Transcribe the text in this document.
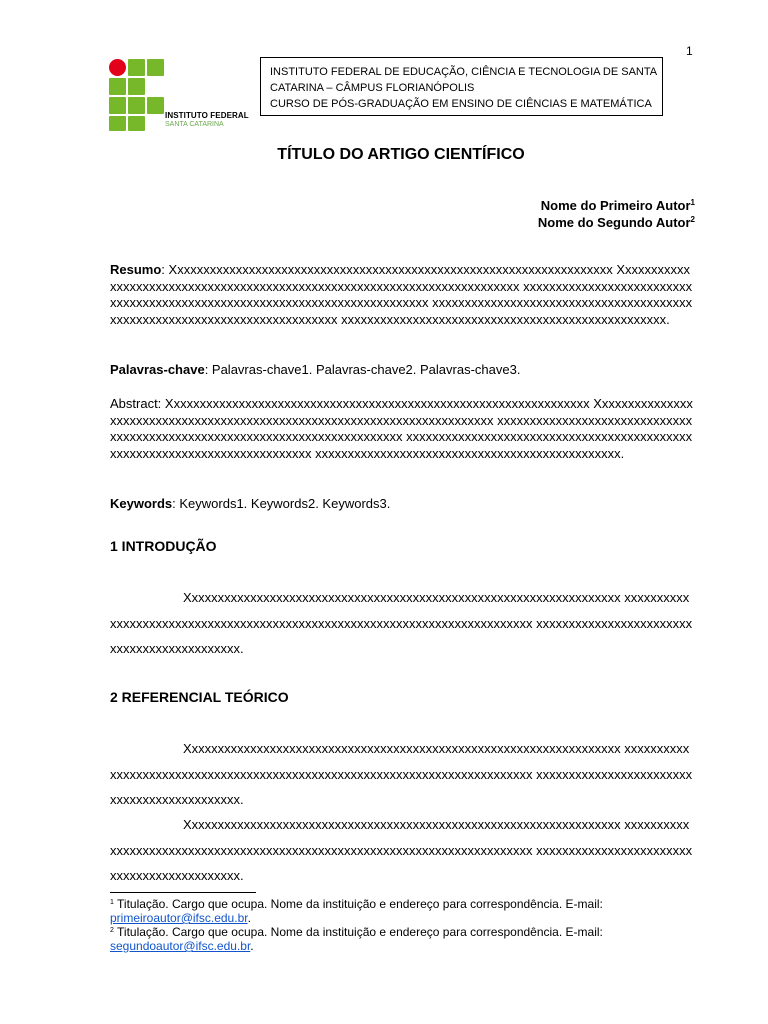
1
INSTITUTO FEDERAL
SANTA CATARINA
INSTITUTO FEDERAL DE EDUCAÇÃO, CIÊNCIA E TECNOLOGIA DE SANTA
CATARINA – CÂMPUS FLORIANÓPOLIS
CURSO DE PÓS-GRADUAÇÃO EM ENSINO DE CIÊNCIAS E MATEMÁTICA
TÍTULO DO ARTIGO CIENTÍFICO
Nome do Primeiro Autor$^1$
Nome do Segundo Autor$^2$
Resumo: Xxxxxxxxxxxxxxxxxxxxxxxxxxxxxxxxxxxxxxxxxxxxxxxxxxxxxxxxxxxxxxxxxxxx Xxxxxxxxxxxxxxxxxxxxxxxxxxxxxxxxxxxxxxxxxxxxxxxxxxxxxxxxxxxxxxxxxxxxxxxxxx xxxxxxxxxxxxxxxxxxxxxxxxxxxxxxxxxxxxxxxxxxxxxxxxxxxxxxxxxxxxxxxxxxxxxxxxxxx xxxxxxxxxxxxxxxxxxxxxxxxxxxxxxxxxxxxxxxxxxxxxxxxxxxxxxxxxxxxxxxxxxxxxxxxxxx xxxxxxxxxxxxxxxxxxxxxxxxxxxxxxxxxxxxxxxxxxxxxxxxxx.
Palavras-chave: Palavras-chave1. Palavras-chave2. Palavras-chave3.
Abstract: Xxxxxxxxxxxxxxxxxxxxxxxxxxxxxxxxxxxxxxxxxxxxxxxxxxxxxxxxxxxxxxxxx Xxxxxxxxxxxxxxxxxxxxxxxxxxxxxxxxxxxxxxxxxxxxxxxxxxxxxxxxxxxxxxxxxxxxxxxxxx xxxxxxxxxxxxxxxxxxxxxxxxxxxxxxxxxxxxxxxxxxxxxxxxxxxxxxxxxxxxxxxxxxxxxxxxxxx xxxxxxxxxxxxxxxxxxxxxxxxxxxxxxxxxxxxxxxxxxxxxxxxxxxxxxxxxxxxxxxxxxxxxxxxxxx xxxxxxxxxxxxxxxxxxxxxxxxxxxxxxxxxxxxxxxxxxxxxxx.
Keywords: Keywords1. Keywords2. Keywords3.
1 INTRODUÇÃO
Xxxxxxxxxxxxxxxxxxxxxxxxxxxxxxxxxxxxxxxxxxxxxxxxxxxxxxxxxxxxxxxxxxx xxxxxxxxxxxxxxxxxxxxxxxxxxxxxxxxxxxxxxxxxxxxxxxxxxxxxxxxxxxxxxxxxxxxxxxxxxx xxxxxxxxxxxxxxxxxxxxxxxxxxxxxxxxxxxxxxxxxxxx.
2 REFERENCIAL TEÓRICO
Xxxxxxxxxxxxxxxxxxxxxxxxxxxxxxxxxxxxxxxxxxxxxxxxxxxxxxxxxxxxxxxxxxx xxxxxxxxxxxxxxxxxxxxxxxxxxxxxxxxxxxxxxxxxxxxxxxxxxxxxxxxxxxxxxxxxxxxxxxxxxx xxxxxxxxxxxxxxxxxxxxxxxxxxxxxxxxxxxxxxxxxxxx.
Xxxxxxxxxxxxxxxxxxxxxxxxxxxxxxxxxxxxxxxxxxxxxxxxxxxxxxxxxxxxxxxxxxx xxxxxxxxxxxxxxxxxxxxxxxxxxxxxxxxxxxxxxxxxxxxxxxxxxxxxxxxxxxxxxxxxxxxxxxxxxx xxxxxxxxxxxxxxxxxxxxxxxxxxxxxxxxxxxxxxxxxxxx.
$^1$ Titulação. Cargo que ocupa. Nome da instituição e endereço para correspondência. E-mail:
primeiroautor@ifsc.edu.br.
$^2$ Titulação. Cargo que ocupa. Nome da instituição e endereço para correspondência. E-mail:
segundoautor@ifsc.edu.br.
